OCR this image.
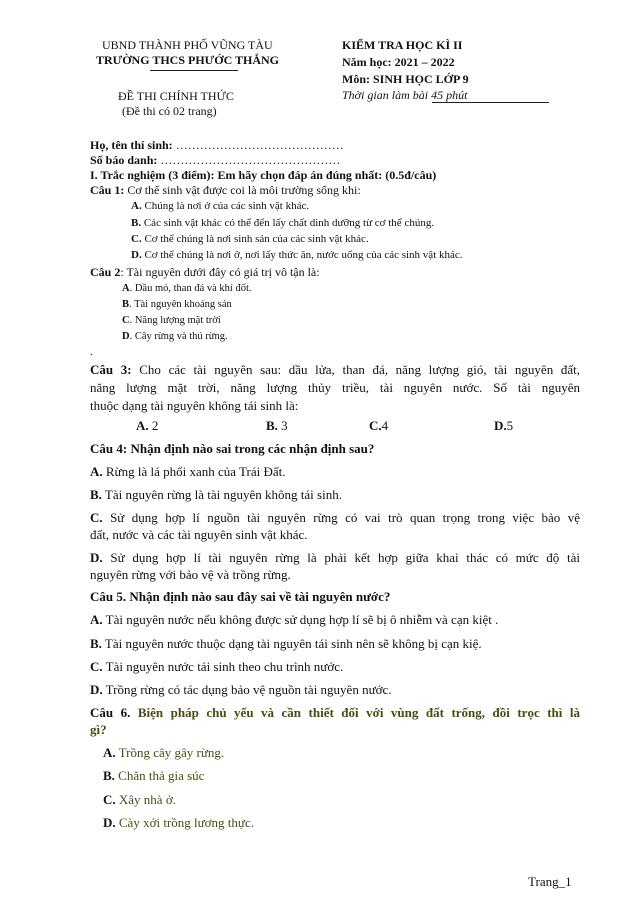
UBND THÀNH PHỐ VŨNG TÀU
TRƯỜNG THCS PHƯỚC THẮNG
ĐỀ THI CHÍNH THỨC
(Đề thi có 02 trang)
KIỂM TRA HỌC KÌ II
Năm học: 2021 – 2022
Môn: SINH HỌC LỚP 9
Thời gian làm bài 45 phút
Họ, tên thí sinh: ……………………………………
Số báo danh: ………………………………………
I. Trắc nghiệm (3 điểm): Em hãy chọn đáp án đúng nhất: (0.5đ/câu)
Câu 1: Cơ thể sinh vật được coi là môi trường sống khi:
A. Chúng là nơi ở của các sinh vật khác.
B. Các sinh vật khác có thể đến lấy chất dinh dưỡng từ cơ thể chúng.
C. Cơ thể chúng là nơi sinh sản của các sinh vật khác.
D. Cơ thể chúng là nơi ở, nơi lấy thức ăn, nước uống của các sinh vật khác.
Câu 2: Tài nguyên dưới đây có giá trị vô tận là:
A. Dầu mỏ, than đá và khí đốt.
B. Tài nguyên khoáng sản
C. Năng lượng mặt trời
D. Cây rừng và thú rừng.
.
Câu 3: Cho các tài nguyên sau: dầu lửa, than đá, năng lượng gió, tài nguyên đất,
năng lượng mặt trời, năng lượng thủy triều, tài nguyên nước. Số tài nguyên
thuộc dạng tài nguyên không tái sinh là:
A. 2	B. 3	C.4	D.5
Câu 4: Nhận định nào sai trong các nhận định sau?
A. Rừng là lá phổi xanh của Trái Đất.
B. Tài nguyên rừng là tài nguyên không tái sinh.
C. Sử dụng hợp lí nguồn tài nguyên rừng có vai trò quan trọng trong việc bảo vệ
đất, nước và các tài nguyên sinh vật khác.
D. Sử dụng hợp lí tài nguyên rừng là phải kết hợp giữa khai thác có mức độ tài
nguyên rừng với bảo vệ và trồng rừng.
Câu 5. Nhận định nào sau đây sai về tài nguyên nước?
A. Tài nguyên nước nếu không được sử dụng hợp lí sẽ bị ô nhiễm và cạn kiệt .
B. Tài nguyên nước thuộc dạng tài nguyên tái sinh nên sẽ không bị cạn kiệ.
C. Tài nguyên nước tái sinh theo chu trình nước.
D. Trồng rừng có tác dụng bảo vệ nguồn tài nguyên nước.
Câu 6. Biện pháp chủ yếu và cần thiết đối với vùng đất trống, đồi trọc thì là
gì?
A. Trồng cây gây rừng.
B. Chăn thả gia súc
C. Xây nhà ở.
D. Cày xới trồng lương thực.
Trang_1
